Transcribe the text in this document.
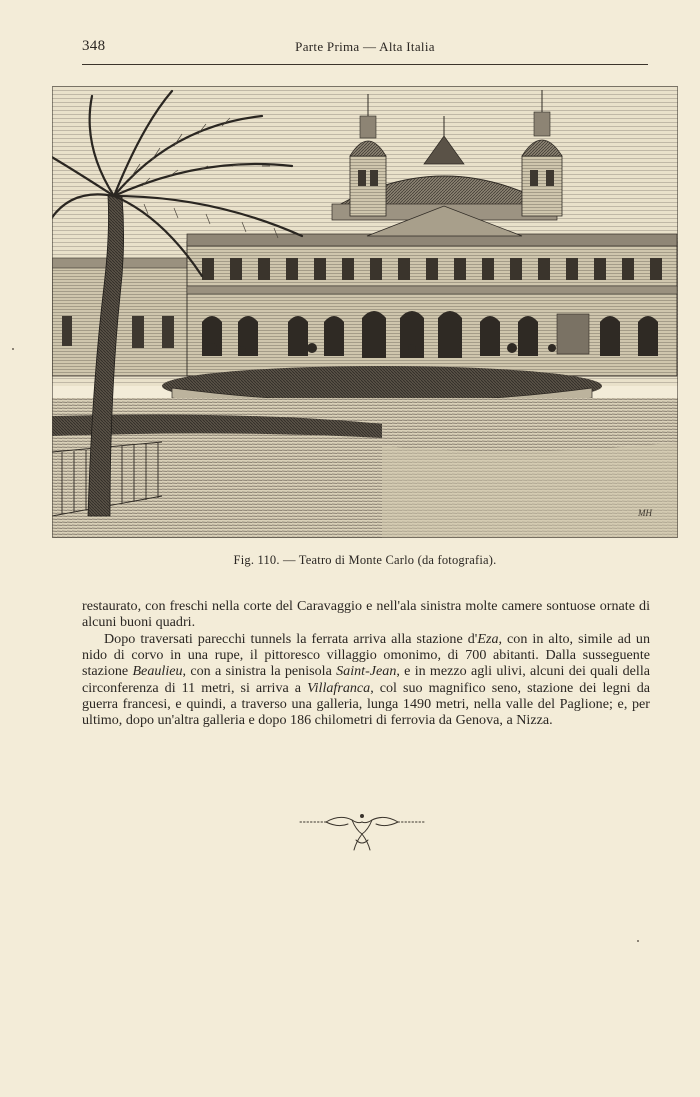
348	Parte Prima — Alta Italia
MH
Fig. 110. — Teatro di Monte Carlo (da fotografia).

restaurato, con freschi nella corte del Caravaggio e nell'ala sinistra molte camere sontuose ornate di alcuni buoni quadri.

Dopo traversati parecchi tunnels la ferrata arriva alla stazione d'Eza, con in alto, simile ad un nido di corvo in una rupe, il pittoresco villaggio omonimo, di 700 abitanti. Dalla susseguente stazione Beaulieu, con a sinistra la penisola Saint-Jean, e in mezzo agli ulivi, alcuni dei quali della circonferenza di 11 metri, si arriva a Villafranca, col suo magnifico seno, stazione dei legni da guerra francesi, e quindi, a traverso una galleria, lunga 1490 metri, nella valle del Paglione; e, per ultimo, dopo un'altra galleria e dopo 186 chilometri di ferrovia da Genova, a Nizza.
